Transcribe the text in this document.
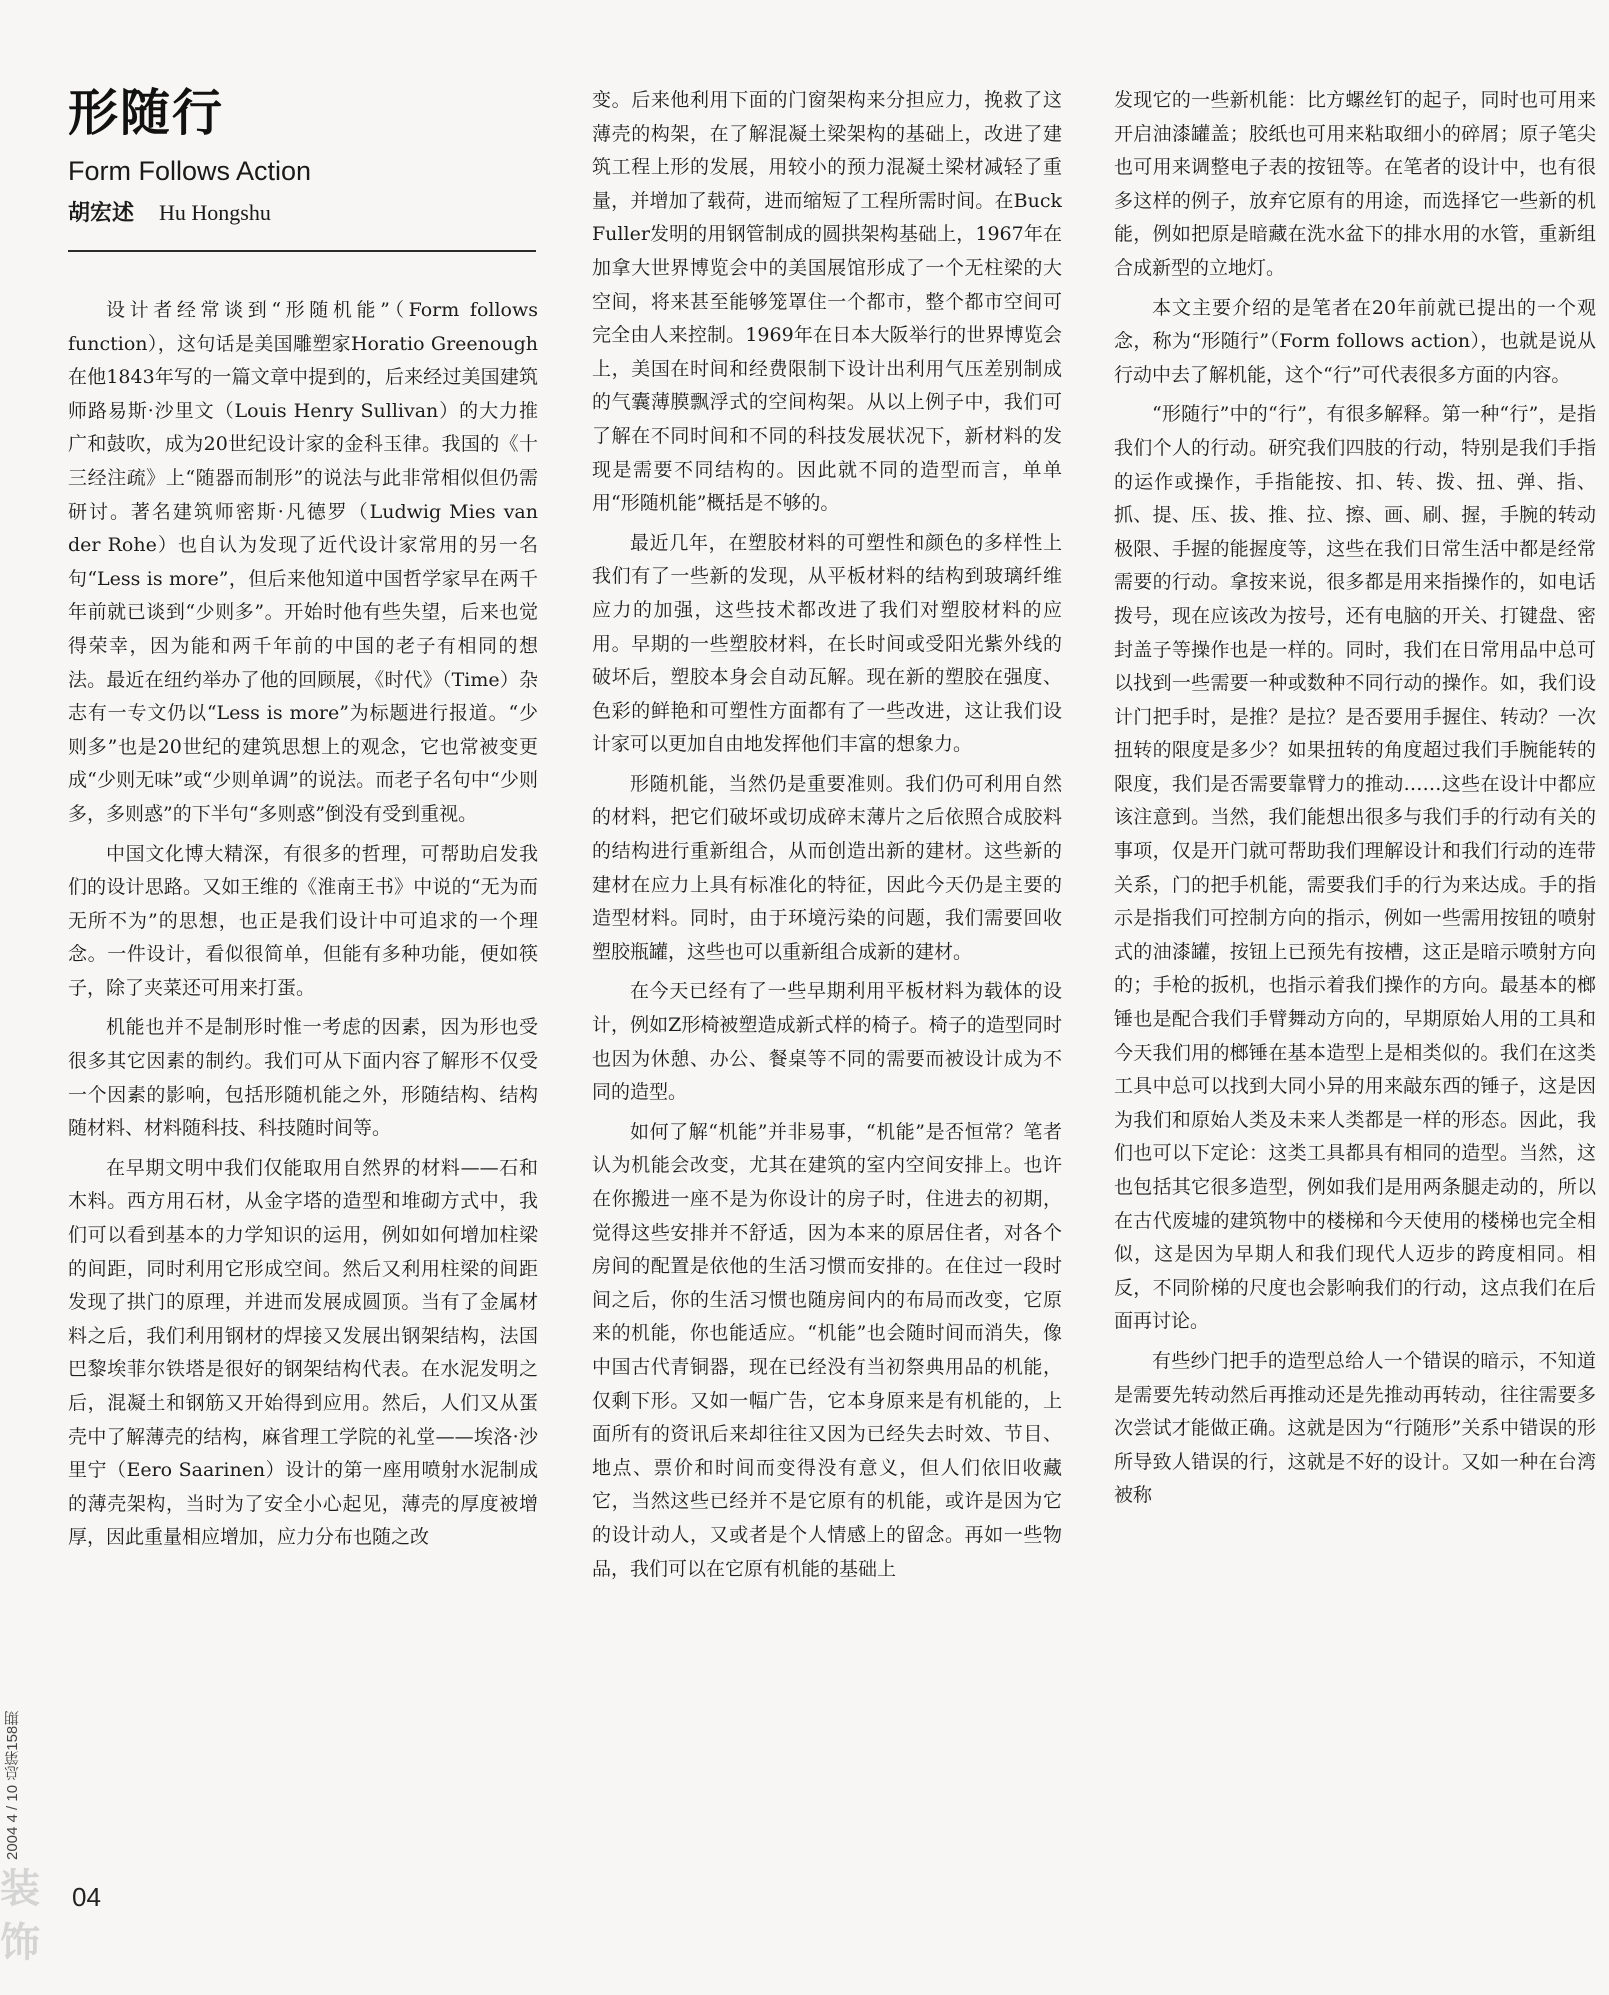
形随行
Form Follows Action
胡宏述 Hu Hongshu

设计者经常谈到“形随机能”（Form follows function），这句话是美国雕塑家Horatio Greenough 在他1843年写的一篇文章中提到的，后来经过美国建筑师路易斯·沙里文（Louis Henry Sullivan）的大力推广和鼓吹，成为20世纪设计家的金科玉律。我国的《十三经注疏》上“随器而制形”的说法与此非常相似但仍需研讨。著名建筑师密斯·凡德罗（Ludwig Mies van der Rohe）也自认为发现了近代设计家常用的另一名句“Less is more”，但后来他知道中国哲学家早在两千年前就已谈到“少则多”。开始时他有些失望，后来也觉得荣幸，因为能和两千年前的中国的老子有相同的想法。最近在纽约举办了他的回顾展，《时代》（Time）杂志有一专文仍以“Less is more”为标题进行报道。“少则多”也是20世纪的建筑思想上的观念，它也常被变更成“少则无味”或“少则单调”的说法。而老子名句中“少则多，多则惑”的下半句“多则惑”倒没有受到重视。

中国文化博大精深，有很多的哲理，可帮助启发我们的设计思路。又如王维的《淮南王书》中说的“无为而无所不为”的思想，也正是我们设计中可追求的一个理念。一件设计，看似很简单，但能有多种功能，便如筷子，除了夹菜还可用来打蛋。

机能也并不是制形时惟一考虑的因素，因为形也受很多其它因素的制约。我们可从下面内容了解形不仅受一个因素的影响，包括形随机能之外，形随结构、结构随材料、材料随科技、科技随时间等。

在早期文明中我们仅能取用自然界的材料——石和木料。西方用石材，从金字塔的造型和堆砌方式中，我们可以看到基本的力学知识的运用，例如如何增加柱梁的间距，同时利用它形成空间。然后又利用柱梁的间距发现了拱门的原理，并进而发展成圆顶。当有了金属材料之后，我们利用钢材的焊接又发展出钢架结构，法国巴黎埃菲尔铁塔是很好的钢架结构代表。在水泥发明之后，混凝土和钢筋又开始得到应用。然后，人们又从蛋壳中了解薄壳的结构，麻省理工学院的礼堂——埃洛·沙里宁（Eero Saarinen）设计的第一座用喷射水泥制成的薄壳架构，当时为了安全小心起见，薄壳的厚度被增厚，因此重量相应增加，应力分布也随之改

变。后来他利用下面的门窗架构来分担应力，挽救了这薄壳的构架，在了解混凝土梁架构的基础上，改进了建筑工程上形的发展，用较小的预力混凝土梁材减轻了重量，并增加了载荷，进而缩短了工程所需时间。在Buck Fuller发明的用钢管制成的圆拱架构基础上，1967年在加拿大世界博览会中的美国展馆形成了一个无柱梁的大空间，将来甚至能够笼罩住一个都市，整个都市空间可完全由人来控制。1969年在日本大阪举行的世界博览会上，美国在时间和经费限制下设计出利用气压差别制成的气囊薄膜飘浮式的空间构架。从以上例子中，我们可了解在不同时间和不同的科技发展状况下，新材料的发现是需要不同结构的。因此就不同的造型而言，单单用“形随机能”概括是不够的。

最近几年，在塑胶材料的可塑性和颜色的多样性上我们有了一些新的发现，从平板材料的结构到玻璃纤维应力的加强，这些技术都改进了我们对塑胶材料的应用。早期的一些塑胶材料，在长时间或受阳光紫外线的破坏后，塑胶本身会自动瓦解。现在新的塑胶在强度、色彩的鲜艳和可塑性方面都有了一些改进，这让我们设计家可以更加自由地发挥他们丰富的想象力。

形随机能，当然仍是重要准则。我们仍可利用自然的材料，把它们破坏或切成碎末薄片之后依照合成胶料的结构进行重新组合，从而创造出新的建材。这些新的建材在应力上具有标准化的特征，因此今天仍是主要的造型材料。同时，由于环境污染的问题，我们需要回收塑胶瓶罐，这些也可以重新组合成新的建材。

在今天已经有了一些早期利用平板材料为载体的设计，例如Z形椅被塑造成新式样的椅子。椅子的造型同时也因为休憩、办公、餐桌等不同的需要而被设计成为不同的造型。

如何了解“机能”并非易事，“机能”是否恒常？笔者认为机能会改变，尤其在建筑的室内空间安排上。也许在你搬进一座不是为你设计的房子时，住进去的初期，觉得这些安排并不舒适，因为本来的原居住者，对各个房间的配置是依他的生活习惯而安排的。在住过一段时间之后，你的生活习惯也随房间内的布局而改变，它原来的机能，你也能适应。“机能”也会随时间而消失，像中国古代青铜器，现在已经没有当初祭典用品的机能，仅剩下形。又如一幅广告，它本身原来是有机能的，上面所有的资讯后来却往往又因为已经失去时效、节目、地点、票价和时间而变得没有意义，但人们依旧收藏它，当然这些已经并不是它原有的机能，或许是因为它的设计动人，又或者是个人情感上的留念。再如一些物品，我们可以在它原有机能的基础上

发现它的一些新机能：比方螺丝钉的起子，同时也可用来开启油漆罐盖；胶纸也可用来粘取细小的碎屑；原子笔尖也可用来调整电子表的按钮等。在笔者的设计中，也有很多这样的例子，放弃它原有的用途，而选择它一些新的机能，例如把原是暗藏在洗水盆下的排水用的水管，重新组合成新型的立地灯。

本文主要介绍的是笔者在20年前就已提出的一个观念，称为“形随行”（Form follows action），也就是说从行动中去了解机能，这个“行”可代表很多方面的内容。

“形随行”中的“行”，有很多解释。第一种“行”，是指我们个人的行动。研究我们四肢的行动，特别是我们手指的运作或操作，手指能按、扣、转、拨、扭、弹、指、抓、提、压、拔、推、拉、擦、画、刷、握，手腕的转动极限、手握的能握度等，这些在我们日常生活中都是经常需要的行动。拿按来说，很多都是用来指操作的，如电话拨号，现在应该改为按号，还有电脑的开关、打键盘、密封盖子等操作也是一样的。同时，我们在日常用品中总可以找到一些需要一种或数种不同行动的操作。如，我们设计门把手时，是推？是拉？是否要用手握住、转动？一次扭转的限度是多少？如果扭转的角度超过我们手腕能转的限度，我们是否需要靠臂力的推动……这些在设计中都应该注意到。当然，我们能想出很多与我们手的行动有关的事项，仅是开门就可帮助我们理解设计和我们行动的连带关系，门的把手机能，需要我们手的行为来达成。手的指示是指我们可控制方向的指示，例如一些需用按钮的喷射式的油漆罐，按钮上已预先有按槽，这正是暗示喷射方向的；手枪的扳机，也指示着我们操作的方向。最基本的榔锤也是配合我们手臂舞动方向的，早期原始人用的工具和今天我们用的榔锤在基本造型上是相类似的。我们在这类工具中总可以找到大同小异的用来敲东西的锤子，这是因为我们和原始人类及未来人类都是一样的形态。因此，我们也可以下定论：这类工具都具有相同的造型。当然，这也包括其它很多造型，例如我们是用两条腿走动的，所以在古代废墟的建筑物中的楼梯和今天使用的楼梯也完全相似，这是因为早期人和我们现代人迈步的跨度相同。相反，不同阶梯的尺度也会影响我们的行动，这点我们在后面再讨论。

有些纱门把手的造型总给人一个错误的暗示，不知道是需要先转动然后再推动还是先推动再转动，往往需要多次尝试才能做正确。这就是因为“行随形”关系中错误的形所导致人错误的行，这就是不好的设计。又如一种在台湾被称

2004 4 / 10 总第158期
04
装饰
